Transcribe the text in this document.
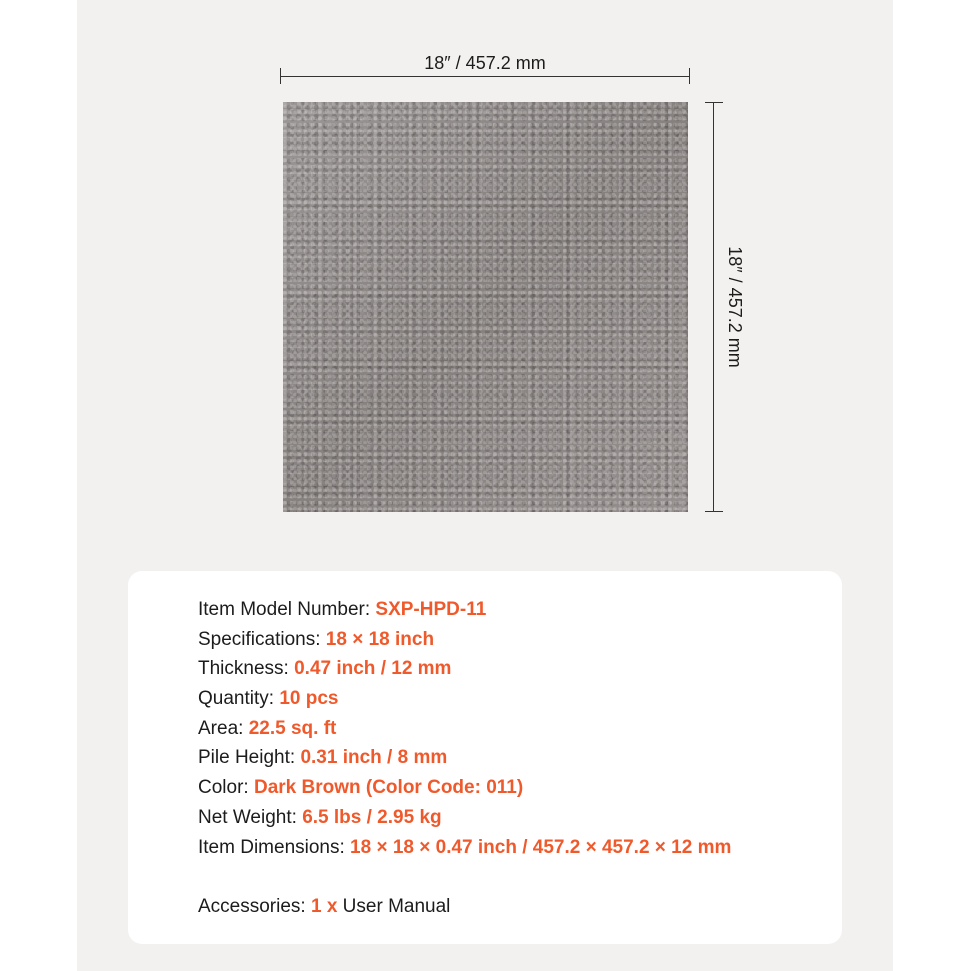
18″ / 457.2 mm
18″ / 457.2 mm
Item Model Number: SXP-HPD-11
Specifications: 18 × 18 inch
Thickness: 0.47 inch / 12 mm
Quantity: 10 pcs
Area: 22.5 sq. ft
Pile Height: 0.31 inch / 8 mm
Color: Dark Brown (Color Code: 011)
Net Weight: 6.5 lbs / 2.95 kg
Item Dimensions: 18 × 18 × 0.47 inch / 457.2 × 457.2 × 12 mm
Accessories: 1 x User Manual
